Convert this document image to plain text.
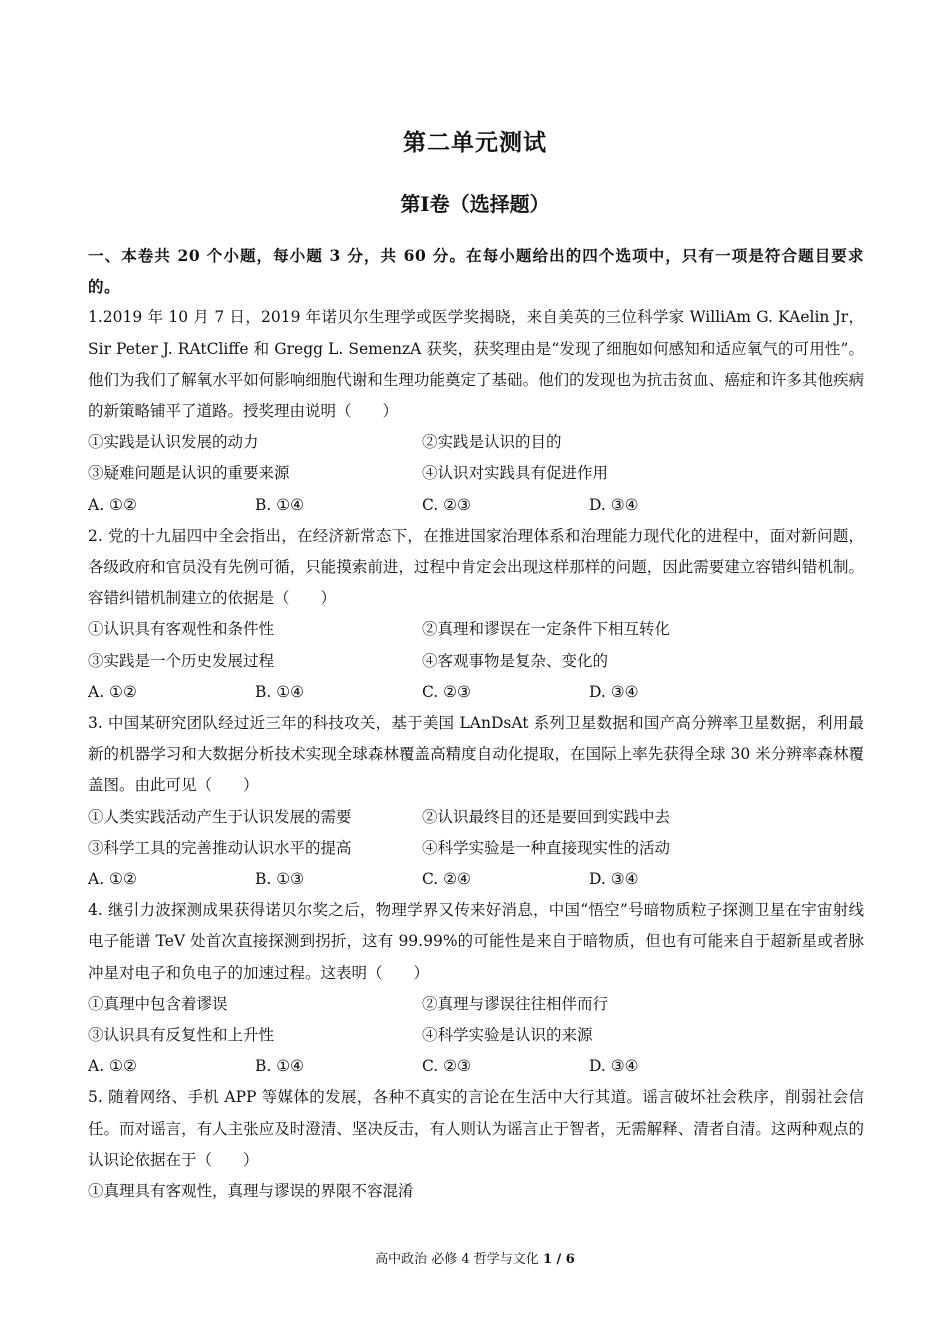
第二单元测试
第Ⅰ卷（选择题）
一、本卷共 20 个小题，每小题 3 分，共 60 分。在每小题给出的四个选项中，只有一项是符合题目要求的。
1.2019 年 10 月 7 日，2019 年诺贝尔生理学或医学奖揭晓，来自美英的三位科学家 WilliAm G. KAelin Jr，Sir Peter J. RAtCliffe 和 Gregg L. SemenzA 获奖，获奖理由是“发现了细胞如何感知和适应氧气的可用性”。他们为我们了解氧水平如何影响细胞代谢和生理功能奠定了基础。他们的发现也为抗击贫血、癌症和许多其他疾病的新策略铺平了道路。授奖理由说明（　　）
①实践是认识发展的动力	②实践是认识的目的
③疑难问题是认识的重要来源	④认识对实践具有促进作用
A. ①②	B. ①④	C. ②③	D. ③④
2. 党的十九届四中全会指出，在经济新常态下，在推进国家治理体系和治理能力现代化的进程中，面对新问题，各级政府和官员没有先例可循，只能摸索前进，过程中肯定会出现这样那样的问题，因此需要建立容错纠错机制。容错纠错机制建立的依据是（　　）
①认识具有客观性和条件性	②真理和谬误在一定条件下相互转化
③实践是一个历史发展过程	④客观事物是复杂、变化的
A. ①②	B. ①④	C. ②③	D. ③④
3. 中国某研究团队经过近三年的科技攻关，基于美国 LAnDsAt 系列卫星数据和国产高分辨率卫星数据，利用最新的机器学习和大数据分析技术实现全球森林覆盖高精度自动化提取，在国际上率先获得全球 30 米分辨率森林覆盖图。由此可见（　　）
①人类实践活动产生于认识发展的需要	②认识最终目的还是要回到实践中去
③科学工具的完善推动认识水平的提高	④科学实验是一种直接现实性的活动
A. ①②	B. ①③	C. ②④	D. ③④
4. 继引力波探测成果获得诺贝尔奖之后，物理学界又传来好消息，中国“悟空”号暗物质粒子探测卫星在宇宙射线电子能谱 TeV 处首次直接探测到拐折，这有 99.99%的可能性是来自于暗物质，但也有可能来自于超新星或者脉冲星对电子和负电子的加速过程。这表明（　　）
①真理中包含着谬误	②真理与谬误往往相伴而行
③认识具有反复性和上升性	④科学实验是认识的来源
A. ①②	B. ①④	C. ②③	D. ③④
5. 随着网络、手机 APP 等媒体的发展，各种不真实的言论在生活中大行其道。谣言破坏社会秩序，削弱社会信任。而对谣言，有人主张应及时澄清、坚决反击，有人则认为谣言止于智者，无需解释、清者自清。这两种观点的认识论依据在于（　　）
①真理具有客观性，真理与谬误的界限不容混淆
高中政治 必修 4 哲学与文化 1 / 6
